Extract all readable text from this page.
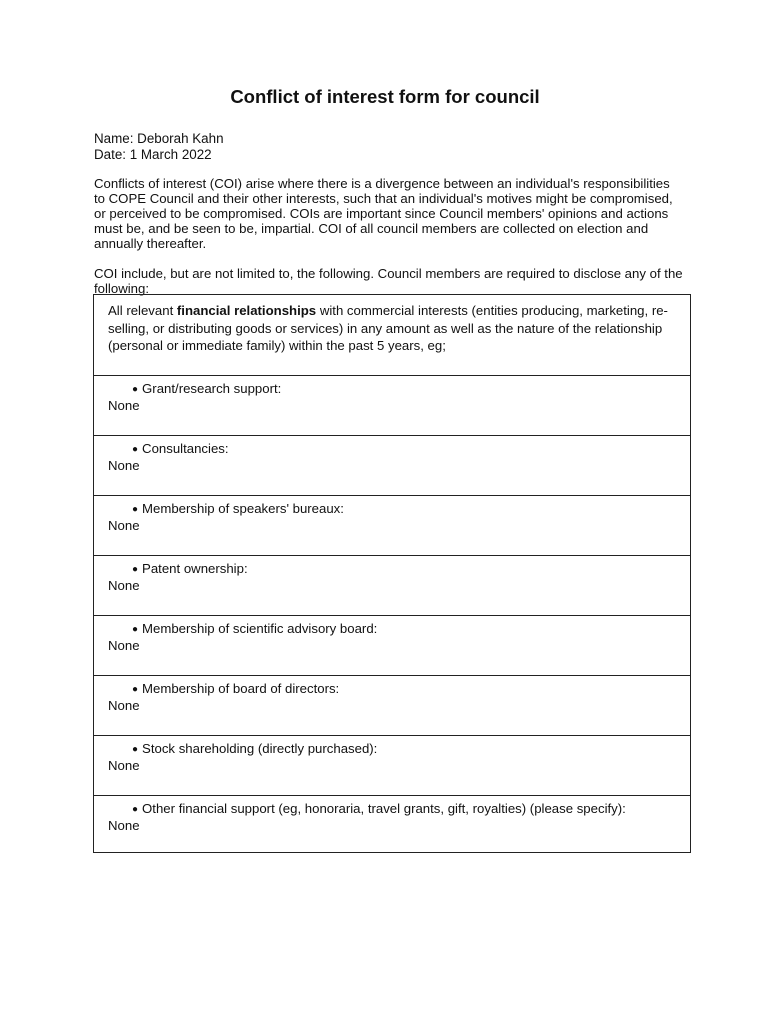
Conflict of interest form for council
Name: Deborah Kahn
Date: 1 March 2022
Conflicts of interest (COI) arise where there is a divergence between an individual's responsibilities to COPE Council and their other interests, such that an individual's motives might be compromised, or perceived to be compromised. COIs are important since Council members' opinions and actions must be, and be seen to be, impartial. COI of all council members are collected on election and annually thereafter.
COI include, but are not limited to, the following. Council members are required to disclose any of the following:
All relevant financial relationships with commercial interests (entities producing, marketing, re-selling, or distributing goods or services) in any amount as well as the nature of the relationship (personal or immediate family) within the past 5 years, eg;
● Grant/research support:
None
● Consultancies:
None
● Membership of speakers' bureaux:
None
● Patent ownership:
None
● Membership of scientific advisory board:
None
● Membership of board of directors:
None
● Stock shareholding (directly purchased):
None
● Other financial support (eg, honoraria, travel grants, gift, royalties) (please specify):
None
